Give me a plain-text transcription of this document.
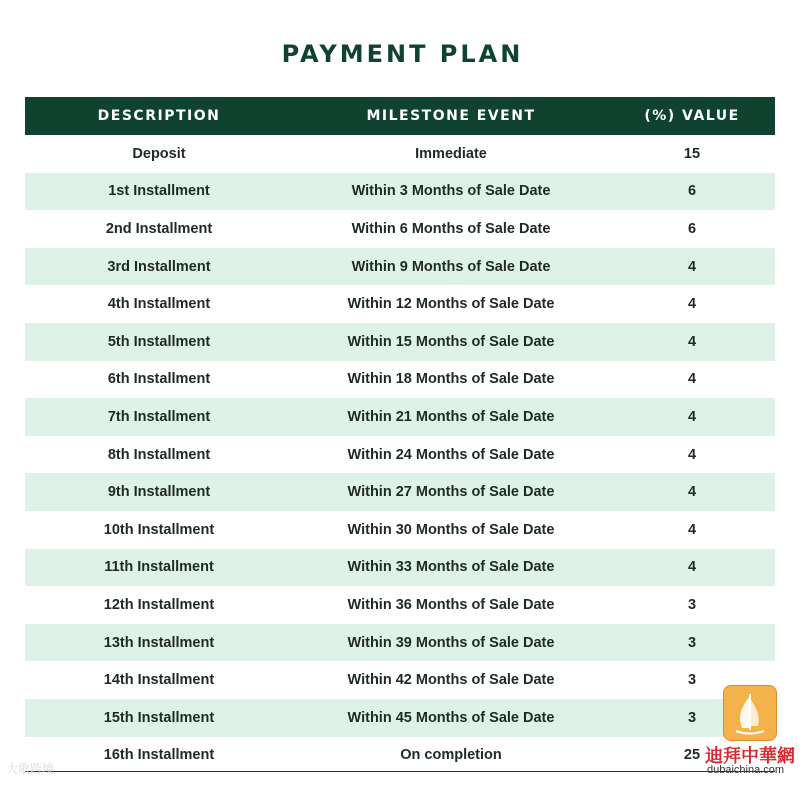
PAYMENT PLAN
DESCRIPTION	MILESTONE EVENT	(%) VALUE
Deposit	Immediate	15
1st Installment	Within 3 Months of Sale Date	6
2nd Installment	Within 6 Months of Sale Date	6
3rd Installment	Within 9 Months of Sale Date	4
4th Installment	Within 12 Months of Sale Date	4
5th Installment	Within 15 Months of Sale Date	4
6th Installment	Within 18 Months of Sale Date	4
7th Installment	Within 21 Months of Sale Date	4
8th Installment	Within 24 Months of Sale Date	4
9th Installment	Within 27 Months of Sale Date	4
10th Installment	Within 30 Months of Sale Date	4
11th Installment	Within 33 Months of Sale Date	4
12th Installment	Within 36 Months of Sale Date	3
13th Installment	Within 39 Months of Sale Date	3
14th Installment	Within 42 Months of Sale Date	3
15th Installment	Within 45 Months of Sale Date	3
16th Installment	On completion	25
大歌跨境
迪拜中華網
dubaichina.com
